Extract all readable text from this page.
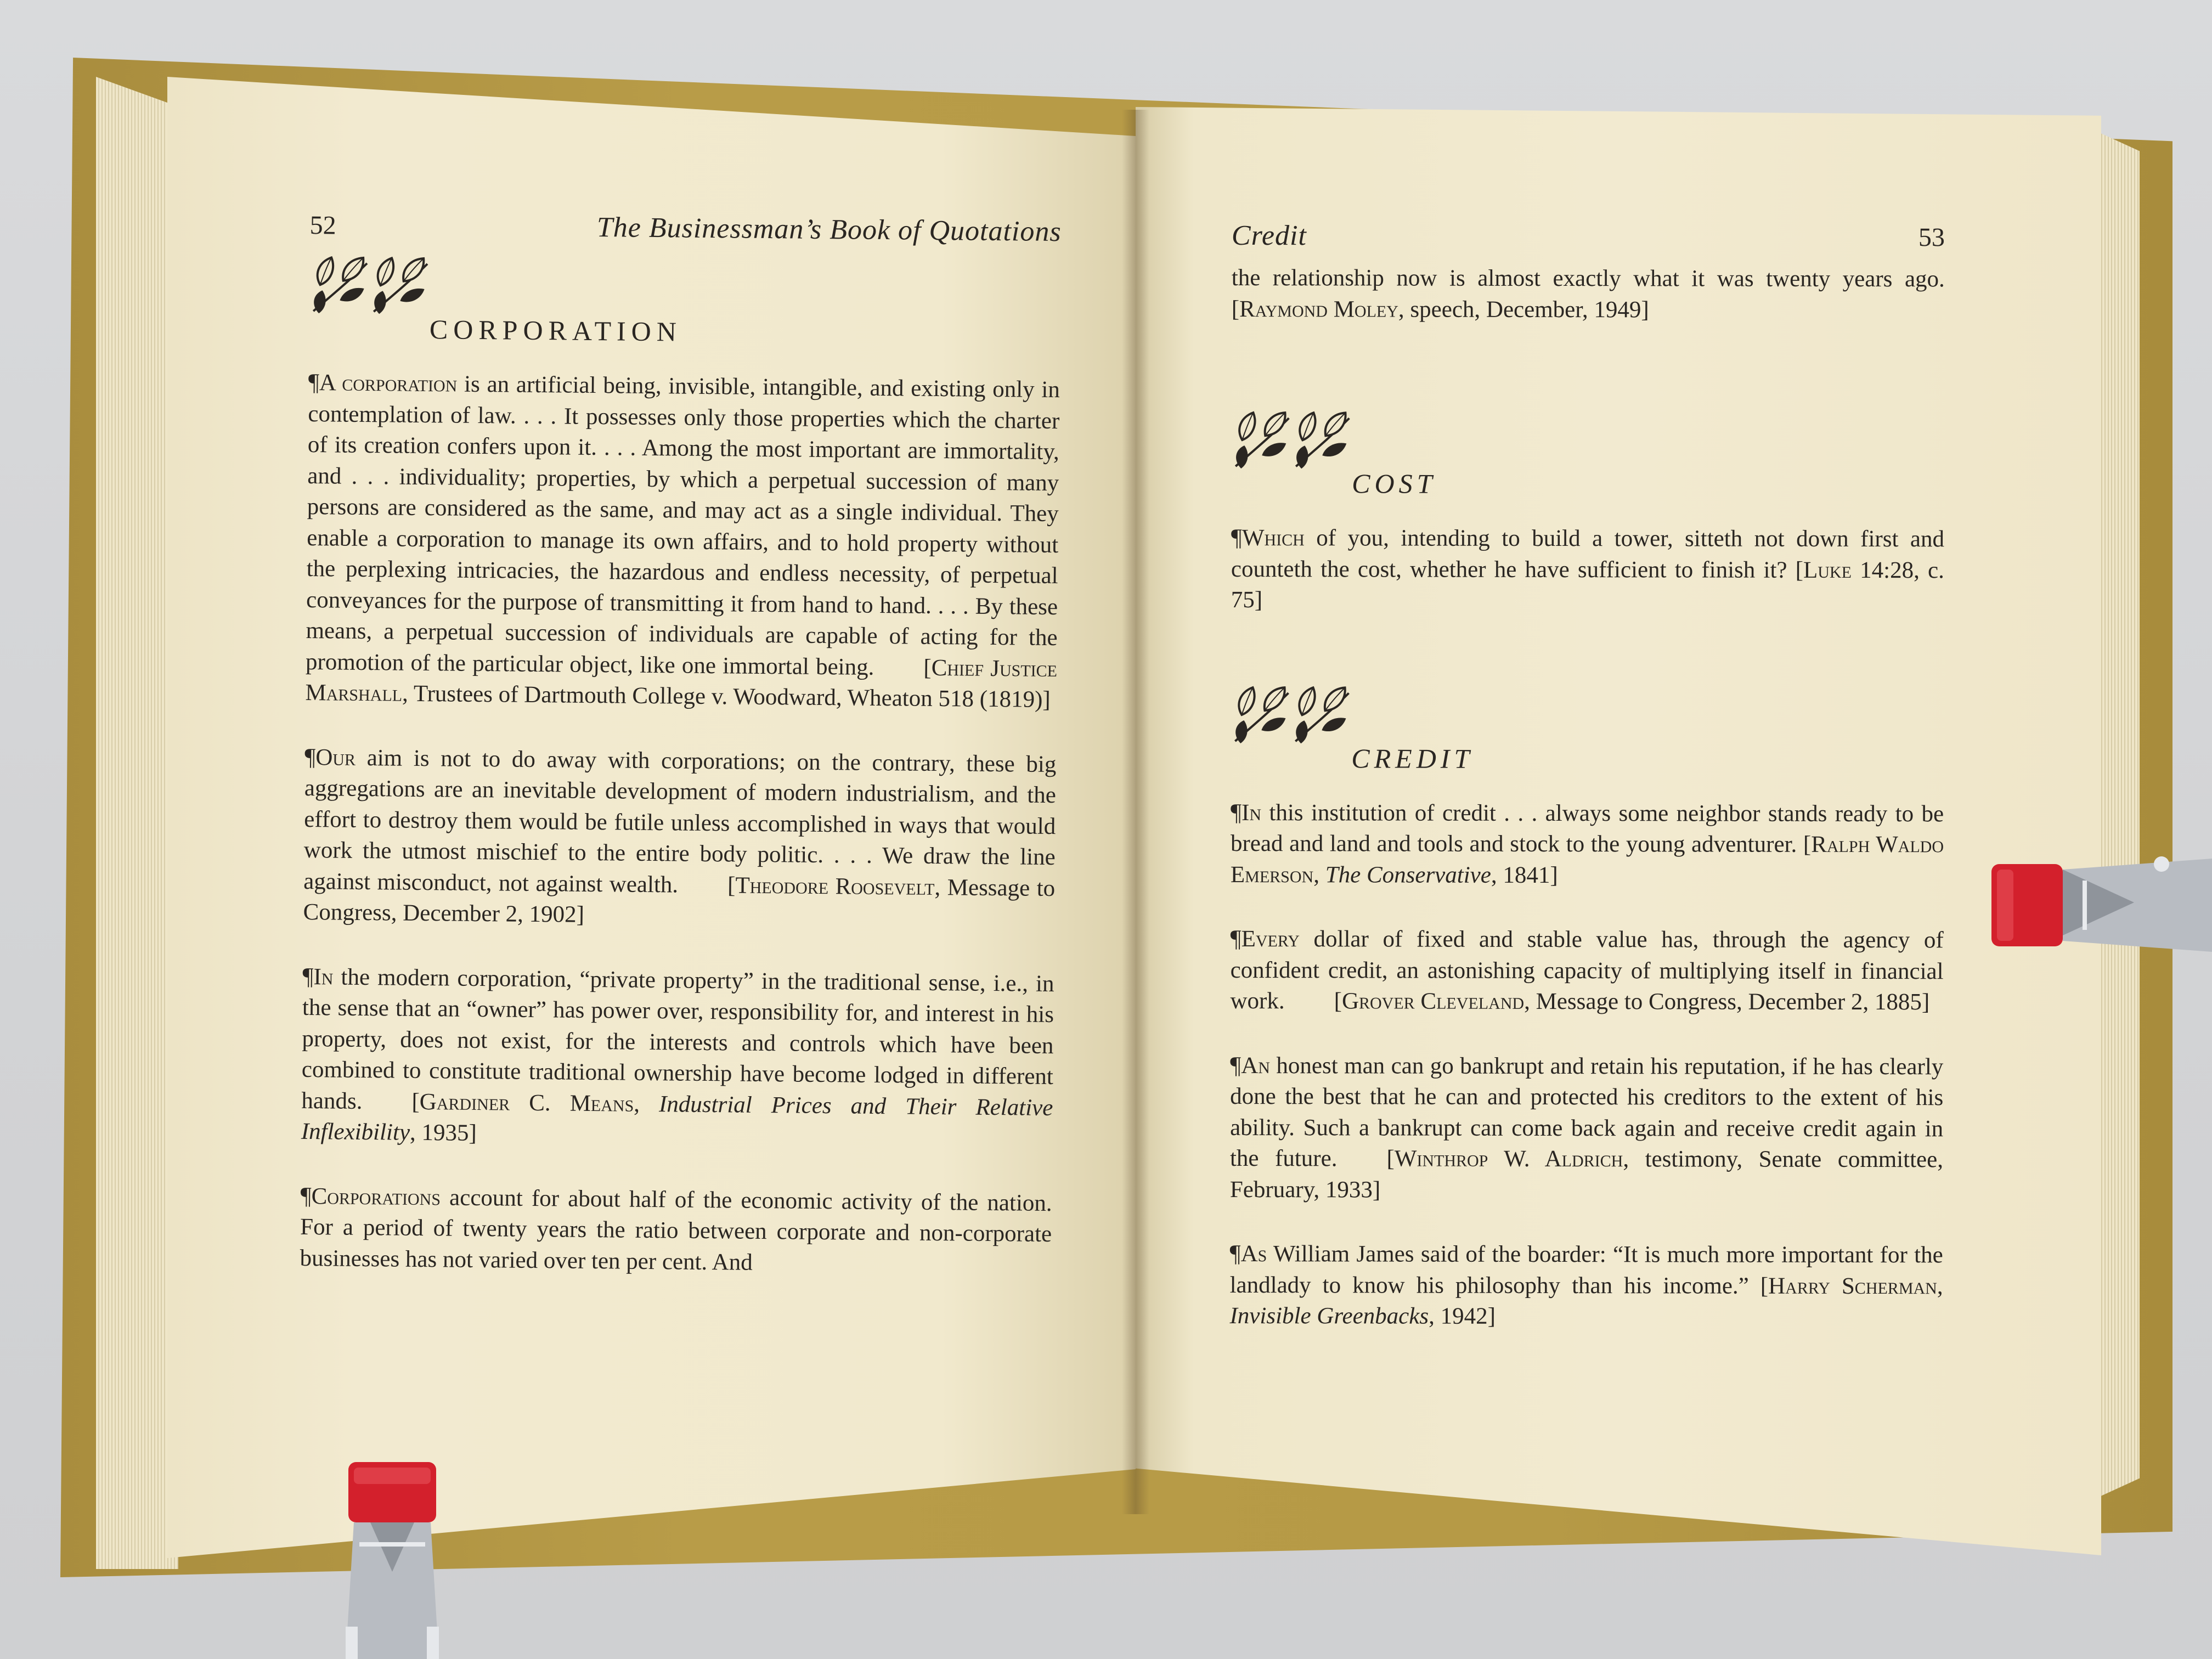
52	The Businessman’s Book of Quotations
CORPORATION

¶A corporation is an artificial being, invisible, intangible, and existing only in contemplation of law. . . . It possesses only those properties which the charter of its creation confers upon it. . . . Among the most important are immortality, and . . . individuality; properties, by which a perpetual succession of many persons are considered as the same, and may act as a single individual. They enable a corporation to manage its own affairs, and to hold property without the perplexing intricacies, the hazardous and endless necessity, of perpetual conveyances for the purpose of transmitting it from hand to hand. . . . By these means, a perpetual succession of individuals are capable of acting for the promotion of the particular object, like one immortal being. [Chief Justice Marshall, Trustees of Dartmouth College v. Woodward, Wheaton 518 (1819)]

¶Our aim is not to do away with corporations; on the contrary, these big aggregations are an inevitable development of modern industrialism, and the effort to destroy them would be futile unless accomplished in ways that would work the utmost mischief to the entire body politic. . . . We draw the line against misconduct, not against wealth. [Theodore Roosevelt, Message to Congress, December 2, 1902]

¶In the modern corporation, “private property” in the traditional sense, i.e., in the sense that an “owner” has power over, responsibility for, and interest in his property, does not exist, for the interests and controls which have been combined to constitute traditional ownership have become lodged in different hands. [Gardiner C. Means, Industrial Prices and Their Relative Inflexibility, 1935]

¶Corporations account for about half of the economic activity of the nation. For a period of twenty years the ratio between corporate and non-corporate businesses has not varied over ten per cent. And

Credit	53

the relationship now is almost exactly what it was twenty years ago. [Raymond Moley, speech, December, 1949]

COST

¶Which of you, intending to build a tower, sitteth not down first and counteth the cost, whether he have sufficient to finish it? [Luke 14:28, c. 75]

CREDIT

¶In this institution of credit . . . always some neighbor stands ready to be bread and land and tools and stock to the young adventurer. [Ralph Waldo Emerson, The Conservative, 1841]

¶Every dollar of fixed and stable value has, through the agency of confident credit, an astonishing capacity of multiplying itself in financial work. [Grover Cleveland, Message to Congress, December 2, 1885]

¶An honest man can go bankrupt and retain his reputation, if he has clearly done the best that he can and protected his creditors to the extent of his ability. Such a bankrupt can come back again and receive credit again in the future. [Winthrop W. Aldrich, testimony, Senate committee, February, 1933]

¶As William James said of the boarder: “It is much more important for the landlady to know his philosophy than his income.” [Harry Scherman, Invisible Greenbacks, 1942]
